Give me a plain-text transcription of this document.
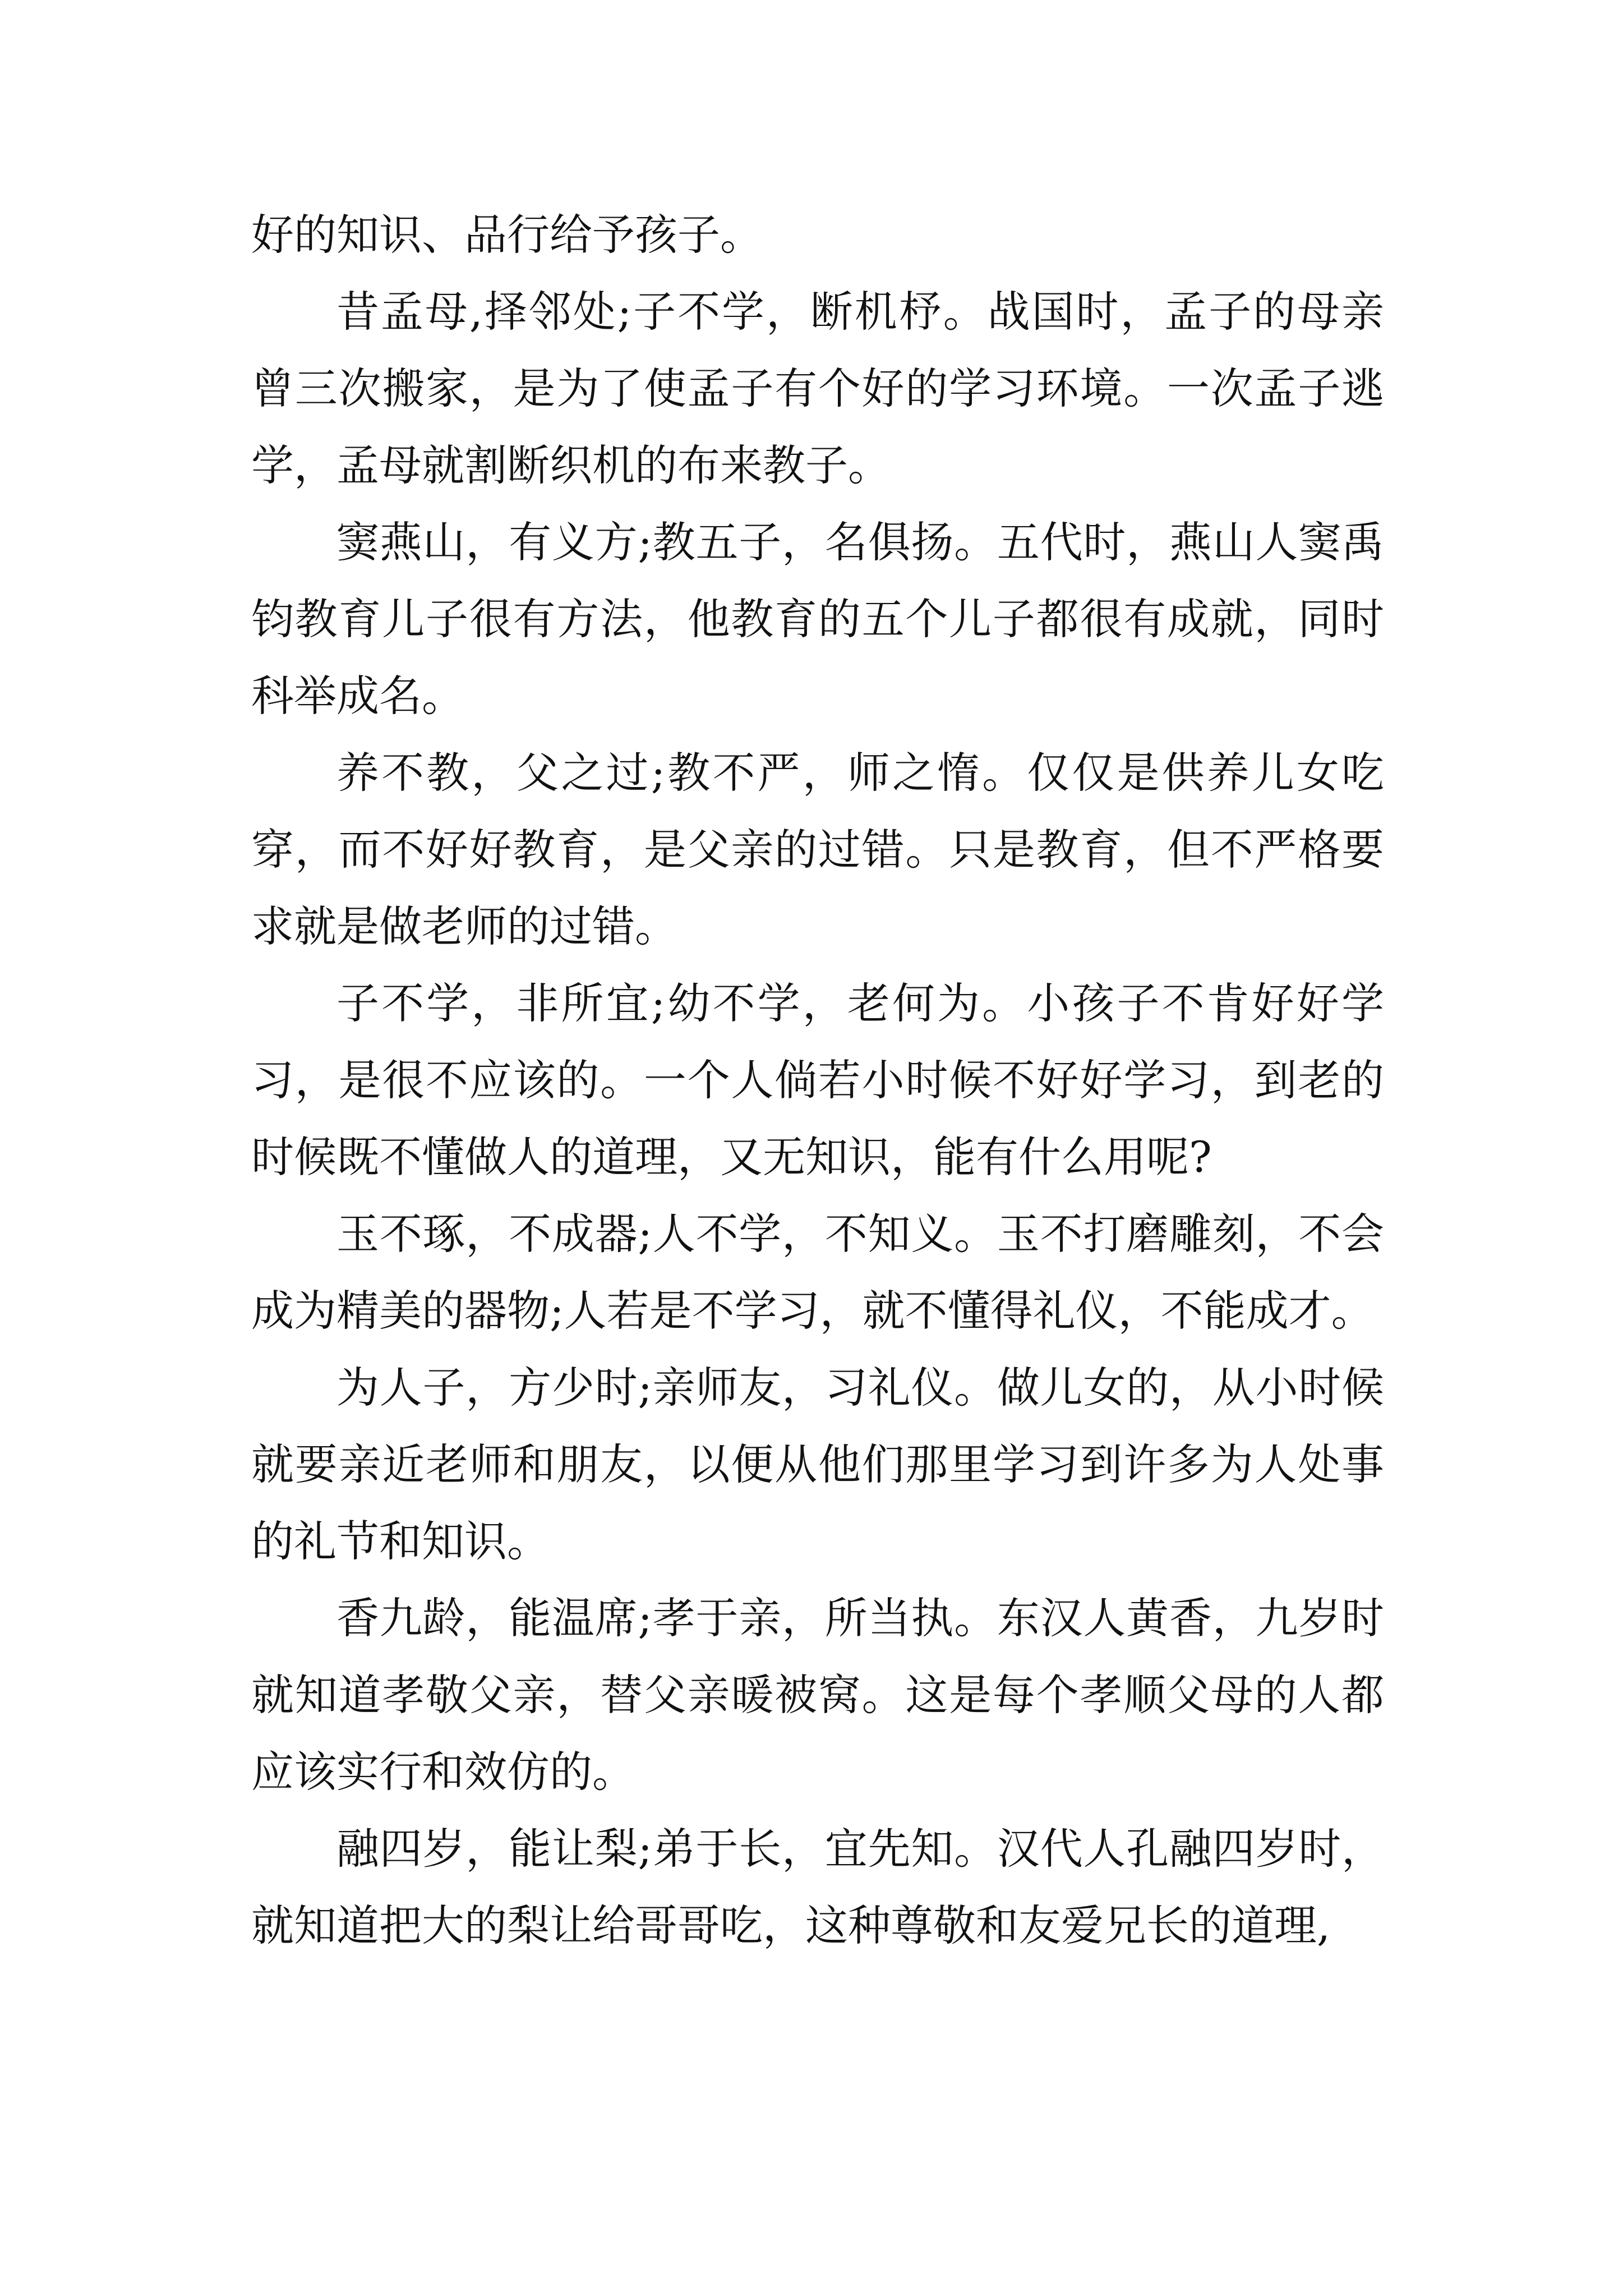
好的知识、品行给予孩子。

昔孟母,择邻处;子不学，断机杼。战国时，孟子的母亲曾三次搬家，是为了使孟子有个好的学习环境。一次孟子逃学，孟母就割断织机的布来教子。

窦燕山，有义方;教五子，名俱扬。五代时，燕山人窦禹钧教育儿子很有方法，他教育的五个儿子都很有成就，同时科举成名。

养不教，父之过;教不严，师之惰。仅仅是供养儿女吃穿，而不好好教育，是父亲的过错。只是教育，但不严格要求就是做老师的过错。

子不学，非所宜;幼不学，老何为。小孩子不肯好好学习，是很不应该的。一个人倘若小时候不好好学习，到老的时候既不懂做人的道理，又无知识，能有什么用呢?

玉不琢，不成器;人不学，不知义。玉不打磨雕刻，不会成为精美的器物;人若是不学习，就不懂得礼仪，不能成才。

为人子，方少时;亲师友，习礼仪。做儿女的，从小时候就要亲近老师和朋友，以便从他们那里学习到许多为人处事的礼节和知识。

香九龄，能温席;孝于亲，所当执。东汉人黄香，九岁时就知道孝敬父亲，替父亲暖被窝。这是每个孝顺父母的人都应该实行和效仿的。

融四岁，能让梨;弟于长，宜先知。汉代人孔融四岁时，就知道把大的梨让给哥哥吃，这种尊敬和友爱兄长的道理,
